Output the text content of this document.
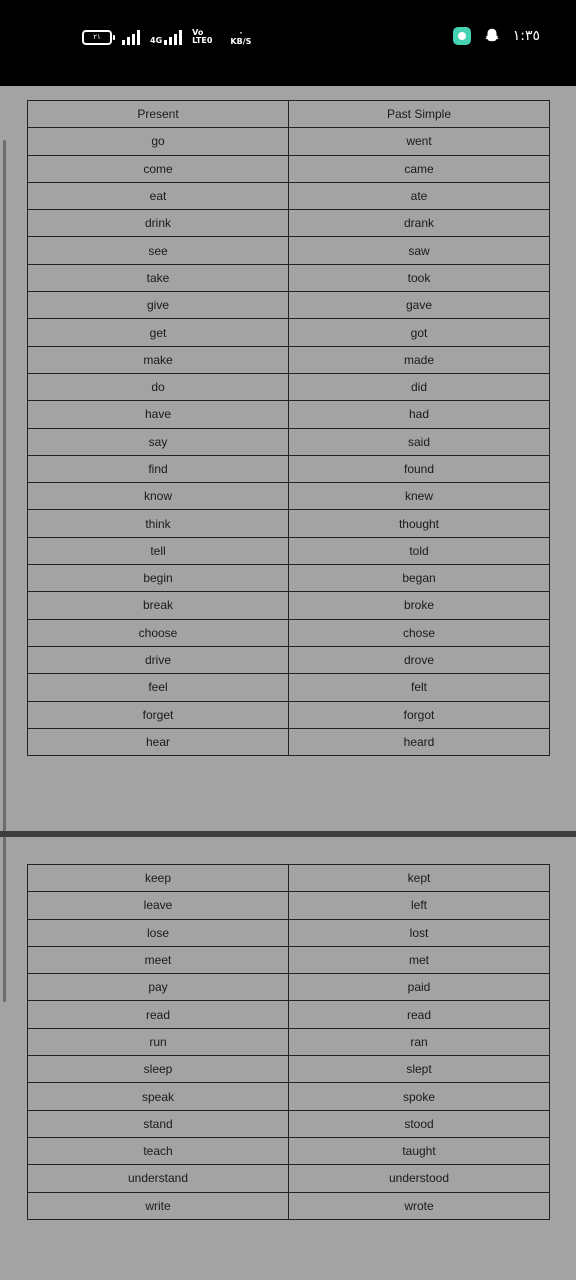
٢١	4G
Vo
LTE0
٠
KB/S	١:٣٥
Present	Past Simple
go	went
come	came
eat	ate
drink	drank
see	saw
take	took
give	gave
get	got
make	made
do	did
have	had
say	said
find	found
know	knew
think	thought
tell	told
begin	began
break	broke
choose	chose
drive	drove
feel	felt
forget	forgot
hear	heard
keep	kept
leave	left
lose	lost
meet	met
pay	paid
read	read
run	ran
sleep	slept
speak	spoke
stand	stood
teach	taught
understand	understood
write	wrote
